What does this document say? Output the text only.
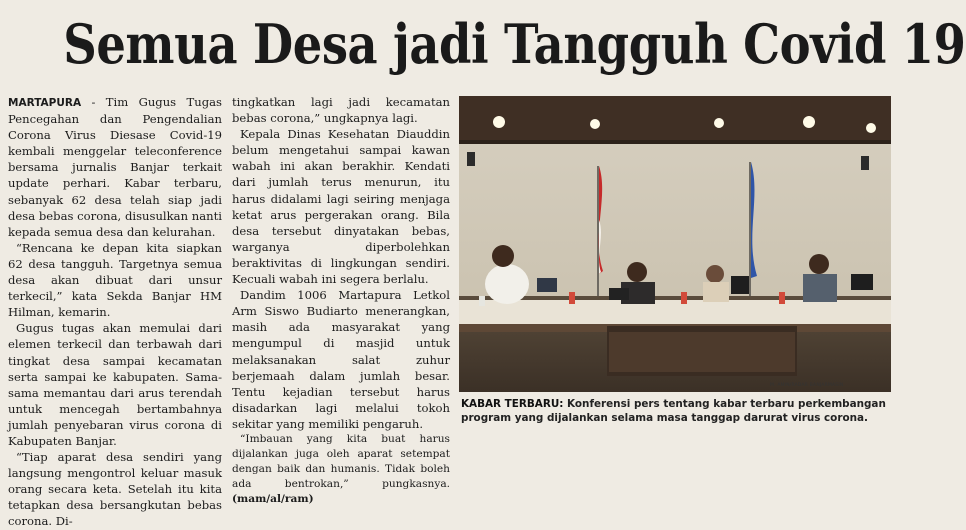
Semua Desa jadi Tangguh Covid 19

MARTAPURA - Tim Gugus Tugas Pencegahan dan Pengendalian Corona Virus Diesase Covid-19 kembali menggelar teleconference bersama jurnalis Banjar terkait update perhari. Kabar terbaru, sebanyak 62 desa telah siap jadi desa bebas corona, disusulkan nanti kepada semua desa dan kelurahan.

“Rencana ke depan kita siapkan 62 desa tangguh. Targetnya semua desa akan dibuat dari unsur terkecil,” kata Sekda Banjar HM Hilman, kemarin.

Gugus tugas akan memulai dari elemen terkecil dan terbawah dari tingkat desa sampai kecamatan serta sampai ke kabupaten. Sama-sama memantau dari arus terendah untuk mencegah bertambahnya jumlah penyebaran virus corona di Kabupaten Banjar.

“Tiap aparat desa sendiri yang langsung mengontrol keluar masuk orang secara keta. Setelah itu kita tetapkan desa bersangkutan bebas corona. Di-

tingkatkan lagi jadi kecamatan bebas corona,” ungkapnya lagi.

Kepala Dinas Kesehatan Diauddin belum mengetahui sampai kawan wabah ini akan berakhir. Kendati dari jumlah terus menurun, itu harus didalami lagi seiring menjaga ketat arus pergerakan orang. Bila desa tersebut dinyatakan bebas, warganya diperbolehkan beraktivitas di lingkungan sendiri. Kecuali wabah ini segera berlalu.

Dandim 1006 Martapura Letkol Arm Siswo Budiarto menerangkan, masih ada masyarakat yang mengumpul di masjid untuk melaksanakan salat zuhur berjemaah dalam jumlah besar. Tentu kejadian tersebut harus disadarkan lagi melalui tokoh sekitar yang memiliki pengaruh.

“Imbauan yang kita buat harus dijalankan juga oleh aparat setempat dengan baik dan humanis. Tidak boleh ada bentrokan,” pungkasnya. (mam/al/ram)

M. AMIN/RADAR BANJARMASIN
KABAR TERBARU: Konferensi pers tentang kabar terbaru perkembangan program yang dijalankan selama masa tanggap darurat virus corona.
